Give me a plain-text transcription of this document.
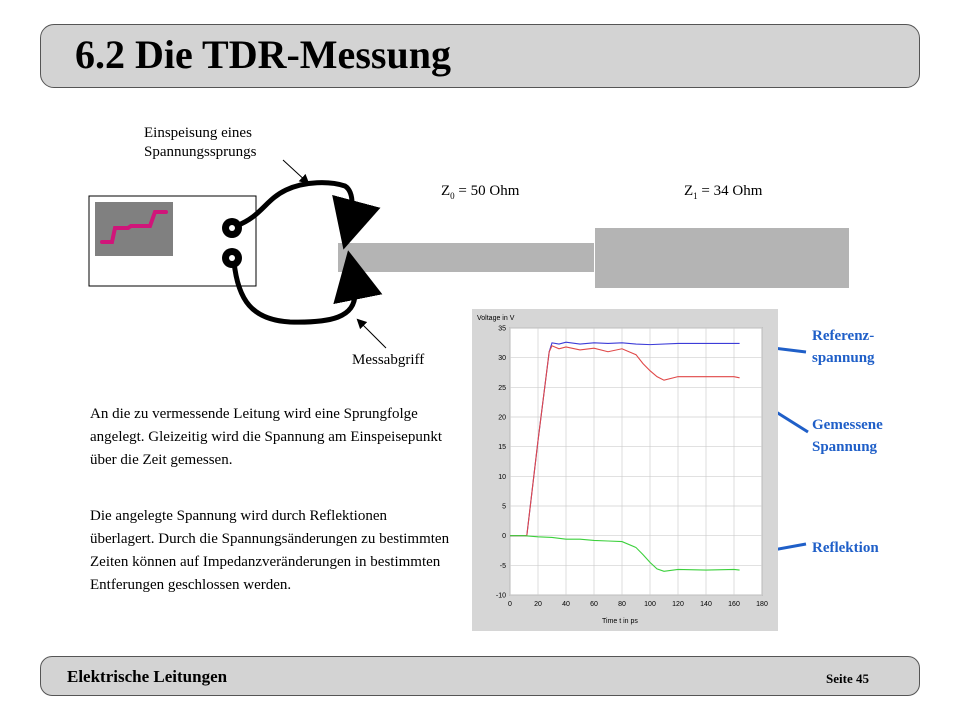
6.2 Die TDR-Messung
Einspeisung eines
Spannungssprungs
$Z_0 = 50$ Ohm	$Z_1 = 34$ Ohm
Messabgriff

An die zu vermessende Leitung wird eine Sprungfolge angelegt. Gleizeitig wird die Spannung am Einspeisepunkt über die Zeit gemessen.

Die angelegte Spannung wird durch Reflektionen überlagert. Durch die Spannungsänderungen zu bestimmten Zeiten können auf Impedanzveränderungen in bestimmten Entferungen geschlossen werden.

Voltage in V
Time t in ps
0	20	40	60	80	100 120 140 160 180
-10
-5
0
5
10
15
20
25
30
35	Referenz-
spannung
Gemessene
Spannung
Reflektion
Elektrische Leitungen	Seite 45
